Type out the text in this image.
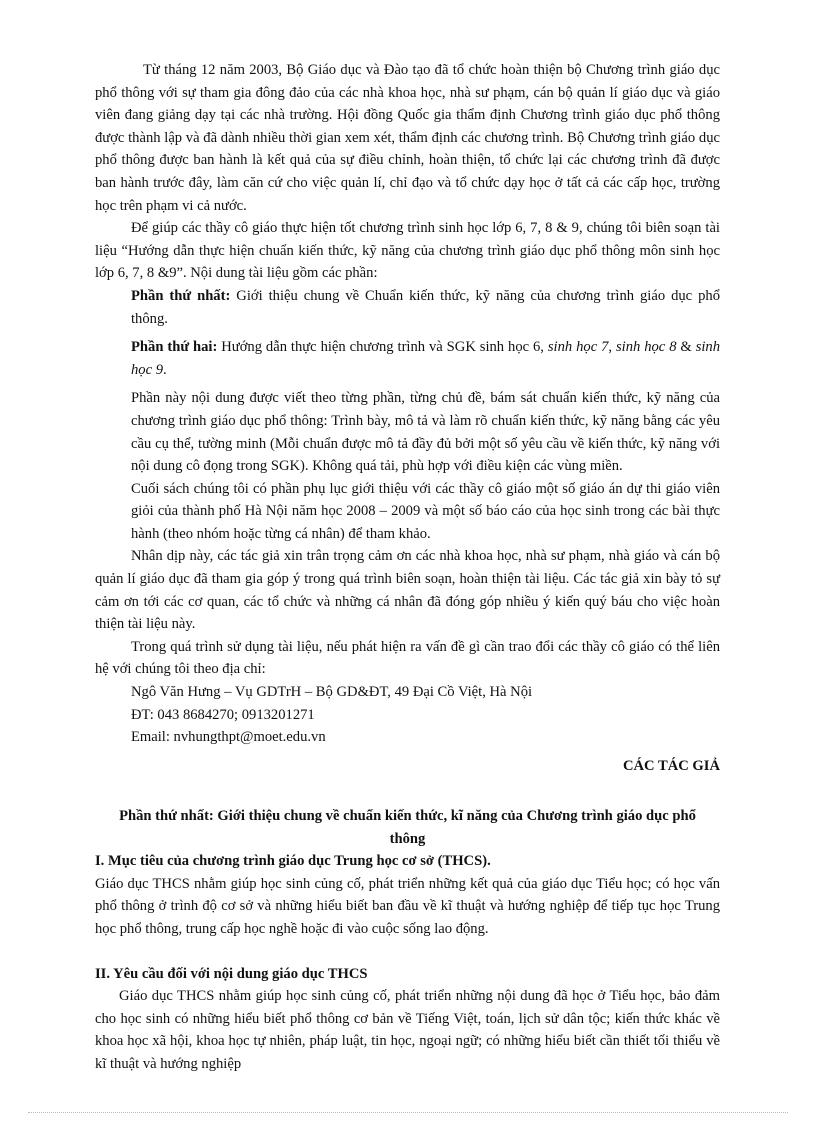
Từ tháng 12 năm 2003, Bộ Giáo dục và Đào tạo đã tổ chức hoàn thiện bộ Chương trình giáo dục phổ thông với sự tham gia đông đảo của các nhà khoa học, nhà sư phạm, cán bộ quản lí giáo dục và giáo viên đang giảng dạy tại các nhà trường. Hội đồng Quốc gia thẩm định Chương trình giáo dục phổ thông được thành lập và đã dành nhiều thời gian xem xét, thẩm định các chương trình. Bộ Chương trình giáo dục phổ thông được ban hành là kết quả của sự điều chỉnh, hoàn thiện, tổ chức lại các chương trình đã được ban hành trước đây, làm căn cứ cho việc quản lí, chỉ đạo và tổ chức dạy học ở tất cả các cấp học, trường học trên phạm vi cả nước.

Để giúp các thầy cô giáo thực hiện tốt chương trình sinh học lớp 6, 7, 8 & 9, chúng tôi biên soạn tài liệu “Hướng dẫn thực hiện chuẩn kiến thức, kỹ năng của chương trình giáo dục phổ thông môn sinh học lớp 6, 7, 8 &9”. Nội dung tài liệu gồm các phần:

Phần thứ nhất: Giới thiệu chung về Chuẩn kiến thức, kỹ năng của chương trình giáo dục phổ thông.

Phần thứ hai: Hướng dẫn thực hiện chương trình và SGK sinh học 6, sinh học 7, sinh học 8 & sinh học 9.

Phần này nội dung được viết theo từng phần, từng chủ đề, bám sát chuẩn kiến thức, kỹ năng của chương trình giáo dục phổ thông: Trình bày, mô tả và làm rõ chuẩn kiến thức, kỹ năng bằng các yêu cầu cụ thể, tường minh (Mỗi chuẩn được mô tả đầy đủ bởi một số yêu cầu về kiến thức, kỹ năng với nội dung cô đọng trong SGK). Không quá tải, phù hợp với điều kiện các vùng miền.

Cuối sách chúng tôi có phần phụ lục giới thiệu với các thầy cô giáo một số giáo án dự thi giáo viên giỏi của thành phố Hà Nội năm học 2008 – 2009 và một số báo cáo của học sinh trong các bài thực hành (theo nhóm hoặc từng cá nhân) để tham khảo.

Nhân dịp này, các tác giả xin trân trọng cảm ơn các nhà khoa học, nhà sư phạm, nhà giáo và cán bộ quản lí giáo dục đã tham gia góp ý trong quá trình biên soạn, hoàn thiện tài liệu. Các tác giả xin bày tỏ sự cảm ơn tới các cơ quan, các tổ chức và những cá nhân đã đóng góp nhiều ý kiến quý báu cho việc hoàn thiện tài liệu này.

Trong quá trình sử dụng tài liệu, nếu phát hiện ra vấn đề gì cần trao đổi các thầy cô giáo có thể liên hệ với chúng tôi theo địa chỉ:

Ngô Văn Hưng – Vụ GDTrH – Bộ GD&ĐT, 49 Đại Cồ Việt, Hà Nội

ĐT: 043 8684270; 0913201271

Email: nvhungthpt@moet.edu.vn

CÁC TÁC GIẢ

Phần thứ nhất: Giới thiệu chung về chuẩn kiến thức, kĩ năng của Chương trình giáo dục phổ thông

I. Mục tiêu của chương trình giáo dục Trung học cơ sở (THCS).

Giáo dục THCS nhằm giúp học sinh củng cố, phát triển những kết quả của giáo dục Tiểu học; có học vấn phổ thông ở trình độ cơ sở và những hiểu biết ban đầu về kĩ thuật và hướng nghiệp để tiếp tục học Trung học phổ thông, trung cấp học nghề hoặc đi vào cuộc sống lao động.

II. Yêu cầu đối với nội dung giáo dục THCS

Giáo dục THCS nhằm giúp học sinh củng cố, phát triển những nội dung đã học ở Tiểu học, bảo đảm cho học sinh có những hiểu biết phổ thông cơ bản về Tiếng Việt, toán, lịch sử dân tộc; kiến thức khác về khoa học xã hội, khoa học tự nhiên, pháp luật, tin học, ngoại ngữ; có những hiểu biết cần thiết tối thiểu về kĩ thuật và hướng nghiệp
